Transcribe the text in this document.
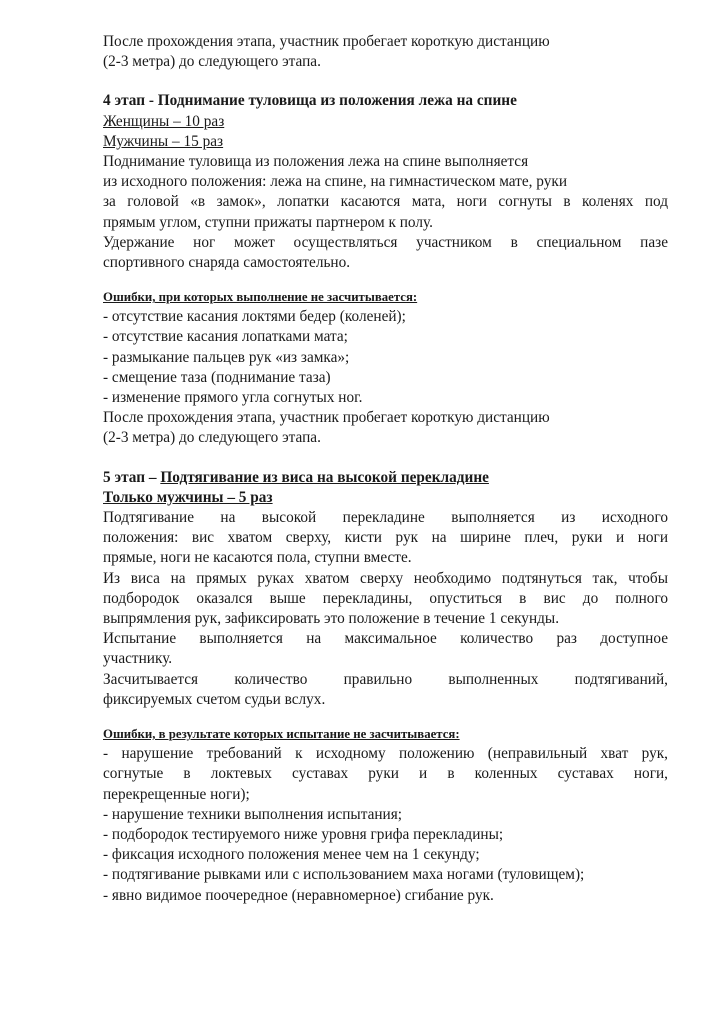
После прохождения этапа, участник пробегает короткую дистанцию
(2-3 метра) до следующего этапа.
4 этап - Поднимание туловища из положения лежа на спине
Женщины – 10 раз
Мужчины – 15 раз
Поднимание туловища из положения лежа на спине выполняется
из исходного положения: лежа на спине, на гимнастическом мате, руки
за головой «в замок», лопатки касаются мата, ноги согнуты в коленях под
прямым углом, ступни прижаты партнером к полу.
Удержание ног может осуществляться участником в специальном пазе
спортивного снаряда самостоятельно.
Ошибки, при которых выполнение не засчитывается:
- отсутствие касания локтями бедер (коленей);
- отсутствие касания лопатками мата;
- размыкание пальцев рук «из замка»;
- смещение таза (поднимание таза)
- изменение прямого угла согнутых ног.
После прохождения этапа, участник пробегает короткую дистанцию
(2-3 метра) до следующего этапа.
5 этап – Подтягивание из виса на высокой перекладине
Только мужчины – 5 раз
Подтягивание на высокой перекладине выполняется из исходного
положения: вис хватом сверху, кисти рук на ширине плеч, руки и ноги
прямые, ноги не касаются пола, ступни вместе.
Из виса на прямых руках хватом сверху необходимо подтянуться так, чтобы
подбородок оказался выше перекладины, опуститься в вис до полного
выпрямления рук, зафиксировать это положение в течение 1 секунды.
Испытание выполняется на максимальное количество раз доступное
участнику.
Засчитывается количество правильно выполненных подтягиваний,
фиксируемых счетом судьи вслух.
Ошибки, в результате которых испытание не засчитывается:
- нарушение требований к исходному положению (неправильный хват рук,
согнутые в локтевых суставах руки и в коленных суставах ноги,
перекрещенные ноги);
- нарушение техники выполнения испытания;
- подбородок тестируемого ниже уровня грифа перекладины;
- фиксация исходного положения менее чем на 1 секунду;
- подтягивание рывками или с использованием маха ногами (туловищем);
- явно видимое поочередное (неравномерное) сгибание рук.
